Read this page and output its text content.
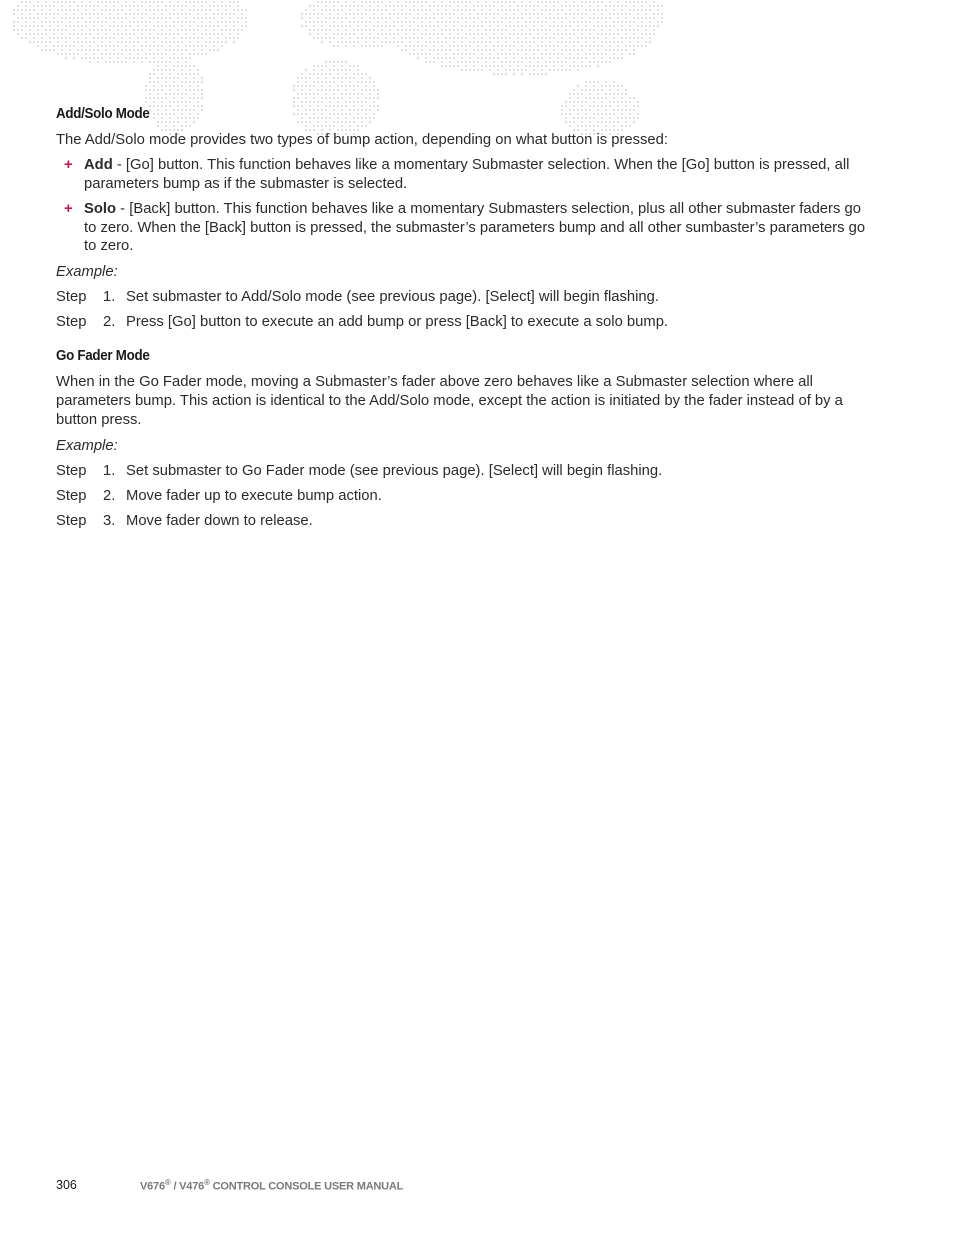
Add/Solo Mode

The Add/Solo mode provides two types of bump action, depending on what button is pressed:

+ Add - [Go] button. This function behaves like a momentary Submaster selection. When the [Go] button is pressed, all parameters bump as if the submaster is selected.
+ Solo - [Back] button. This function behaves like a momentary Submasters selection, plus all other submaster faders go to zero. When the [Back] button is pressed, the submaster’s parameters bump and all other sumbaster’s parameters go to zero.
Example:
Step	1. Set submaster to Add/Solo mode (see previous page). [Select] will begin flashing.
Step	2. Press [Go] button to execute an add bump or press [Back] to execute a solo bump.
Go Fader Mode

When in the Go Fader mode, moving a Submaster’s fader above zero behaves like a Submaster selection where all parameters bump. This action is identical to the Add/Solo mode, except the action is initiated by the fader instead of by a button press.

Example:
Step	1. Set submaster to Go Fader mode (see previous page). [Select] will begin flashing.
Step	2. Move fader up to execute bump action.
Step	3. Move fader down to release.
306	V676® / V476® CONTROL CONSOLE USER MANUAL
